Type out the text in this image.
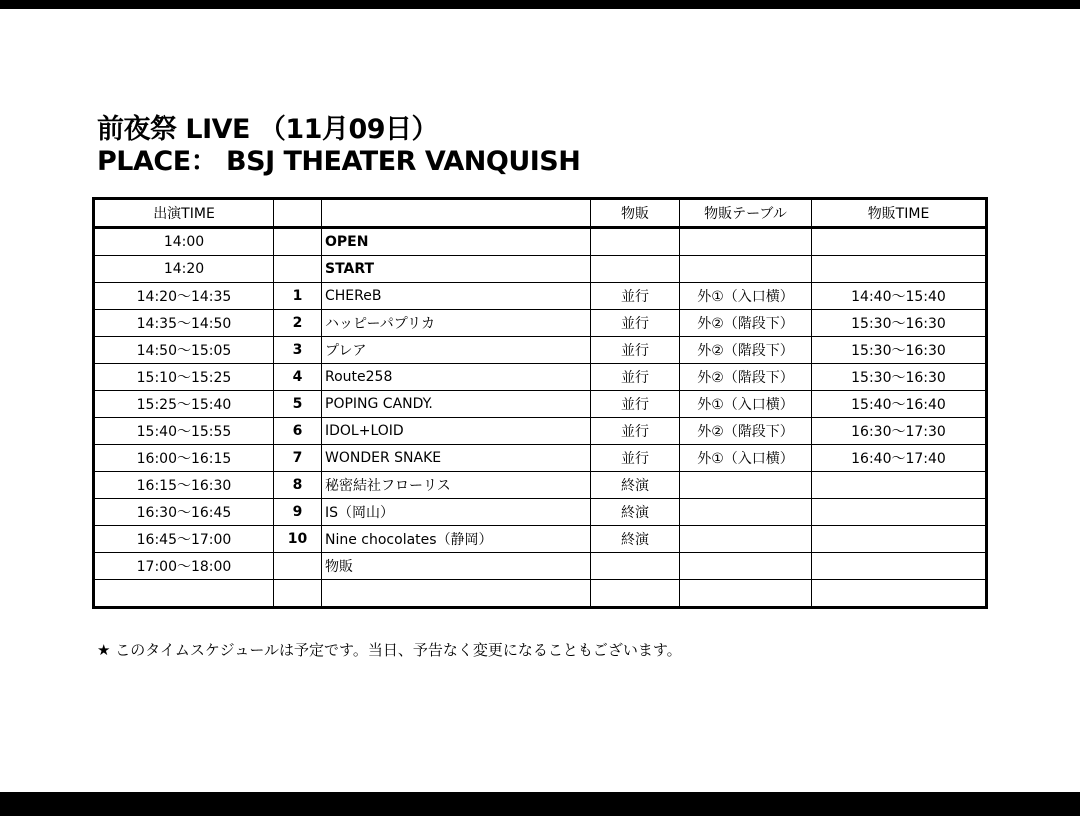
前夜祭 LIVE （11月09日）
PLACE： BSJ THEATER VANQUISH
出演TIME			物販	物販テーブル	物販TIME
14:00		OPEN			
14:20		START			
14:20～14:35	1	CHEReB	並行	外①（入口横）	14:40～15:40
14:35～14:50	2	ハッピーパプリカ	並行	外②（階段下）	15:30～16:30
14:50～15:05	3	プレア	並行	外②（階段下）	15:30～16:30
15:10～15:25	4	Route258	並行	外②（階段下）	15:30～16:30
15:25～15:40	5	POPING CANDY.	並行	外①（入口横）	15:40～16:40
15:40～15:55	6	IDOL+LOID	並行	外②（階段下）	16:30～17:30
16:00～16:15	7	WONDER SNAKE	並行	外①（入口横）	16:40～17:40
16:15～16:30	8	秘密結社フローリス	終演		
16:30～16:45	9	IS（岡山）	終演		
16:45～17:00	10	Nine chocolates（静岡）	終演		
17:00～18:00		物販			

★ このタイムスケジュールは予定です。当日、予告なく変更になることもございます。
